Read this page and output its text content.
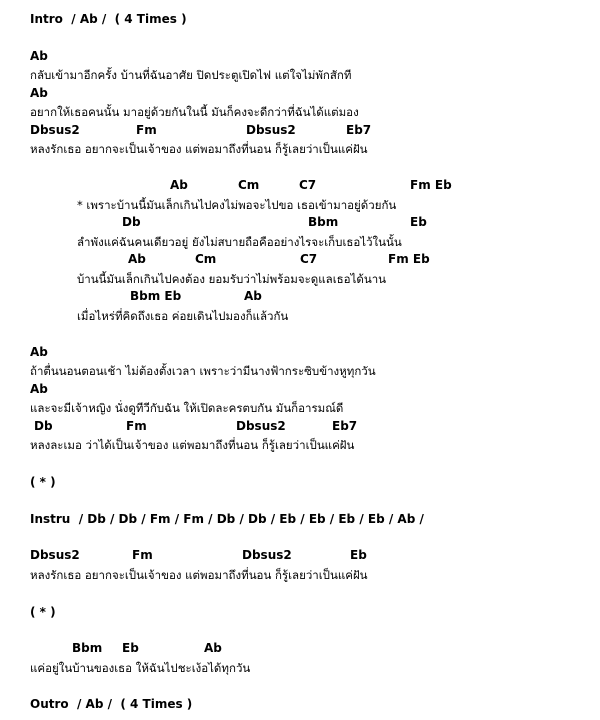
Intro  / Ab /  ( 4 Times )
Ab
กลับเข้ามาอีกครั้ง บ้านที่ฉันอาศัย ปิดประตูเปิดไฟ แต่ใจไม่พักสักที
Ab
อยากให้เธอคนนั้น มาอยู่ด้วยกันในนี้ มันก็คงจะดีกว่าที่ฉันได้แต่มอง
Dbsus2	Fm	Dbsus2	Eb7
หลงรักเธอ อยากจะเป็นเจ้าของ แต่พอมาถึงที่นอน ก็รู้เลยว่าเป็นแค่ฝัน
Ab	Cm	C7	Fm Eb
* เพราะบ้านนี้มันเล็กเกินไปคงไม่พอจะไปขอ เธอเข้ามาอยู่ด้วยกัน
Db	Bbm	Eb
ลำพังแค่ฉันคนเดียวอยู่ ยังไม่สบายถือคืออย่างไรจะเก็บเธอไว้ในนั้น
Ab	Cm	C7	Fm Eb
บ้านนี้มันเล็กเกินไปคงต้อง ยอมรับว่าไม่พร้อมจะดูแลเธอได้นาน
Bbm Eb	Ab
เมื่อไหร่ที่คิดถึงเธอ ค่อยเดินไปมองก็แล้วกัน
Ab
ถ้าตื่นนอนตอนเช้า ไม่ต้องตั้งเวลา เพราะว่ามีนางฟ้ากระซิบข้างหูทุกวัน
Ab
และจะมีเจ้าหญิง นั่งดูทีวีกับฉัน ให้เปิดละครตบกัน มันก็อารมณ์ดี
Db	Fm	Dbsus2	Eb7
หลงละเมอ ว่าได้เป็นเจ้าของ แต่พอมาถึงที่นอน ก็รู้เลยว่าเป็นแค่ฝัน
( * )
Instru  / Db / Db / Fm / Fm / Db / Db / Eb / Eb / Eb / Eb / Ab /
Dbsus2	Fm	Dbsus2	Eb
หลงรักเธอ อยากจะเป็นเจ้าของ แต่พอมาถึงที่นอน ก็รู้เลยว่าเป็นแค่ฝัน
( * )
Bbm Eb	Ab
แค่อยู่ในบ้านของเธอ ให้ฉันไปชะเง้อได้ทุกวัน
Outro  / Ab /  ( 4 Times )
